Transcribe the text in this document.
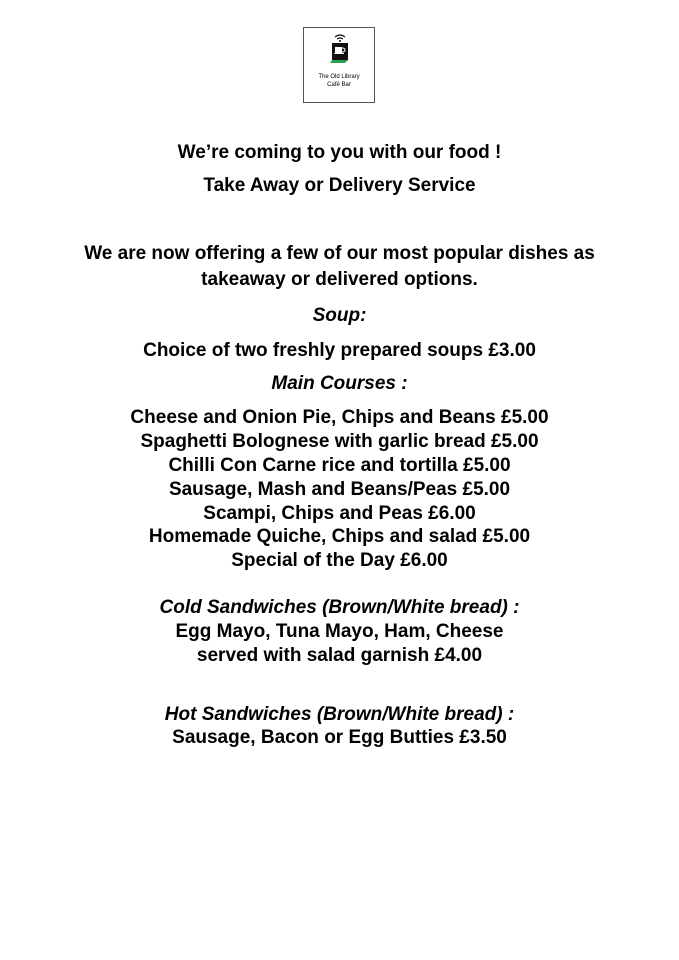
The Old Library
Café Bar
We’re coming to you with our food !
Take Away or Delivery Service
We are now offering a few of our most popular dishes as
takeaway or delivered options.
Soup:
Choice of two freshly prepared soups £3.00
Main Courses :
Cheese and Onion Pie, Chips and Beans £5.00
Spaghetti Bolognese with garlic bread £5.00
Chilli Con Carne rice and tortilla £5.00
Sausage, Mash and Beans/Peas £5.00
Scampi, Chips and Peas £6.00
Homemade Quiche, Chips and salad £5.00
Special of the Day £6.00
Cold Sandwiches (Brown/White bread) :
Egg Mayo, Tuna Mayo, Ham, Cheese
served with salad garnish £4.00
Hot Sandwiches (Brown/White bread) :
Sausage, Bacon or Egg Butties £3.50
